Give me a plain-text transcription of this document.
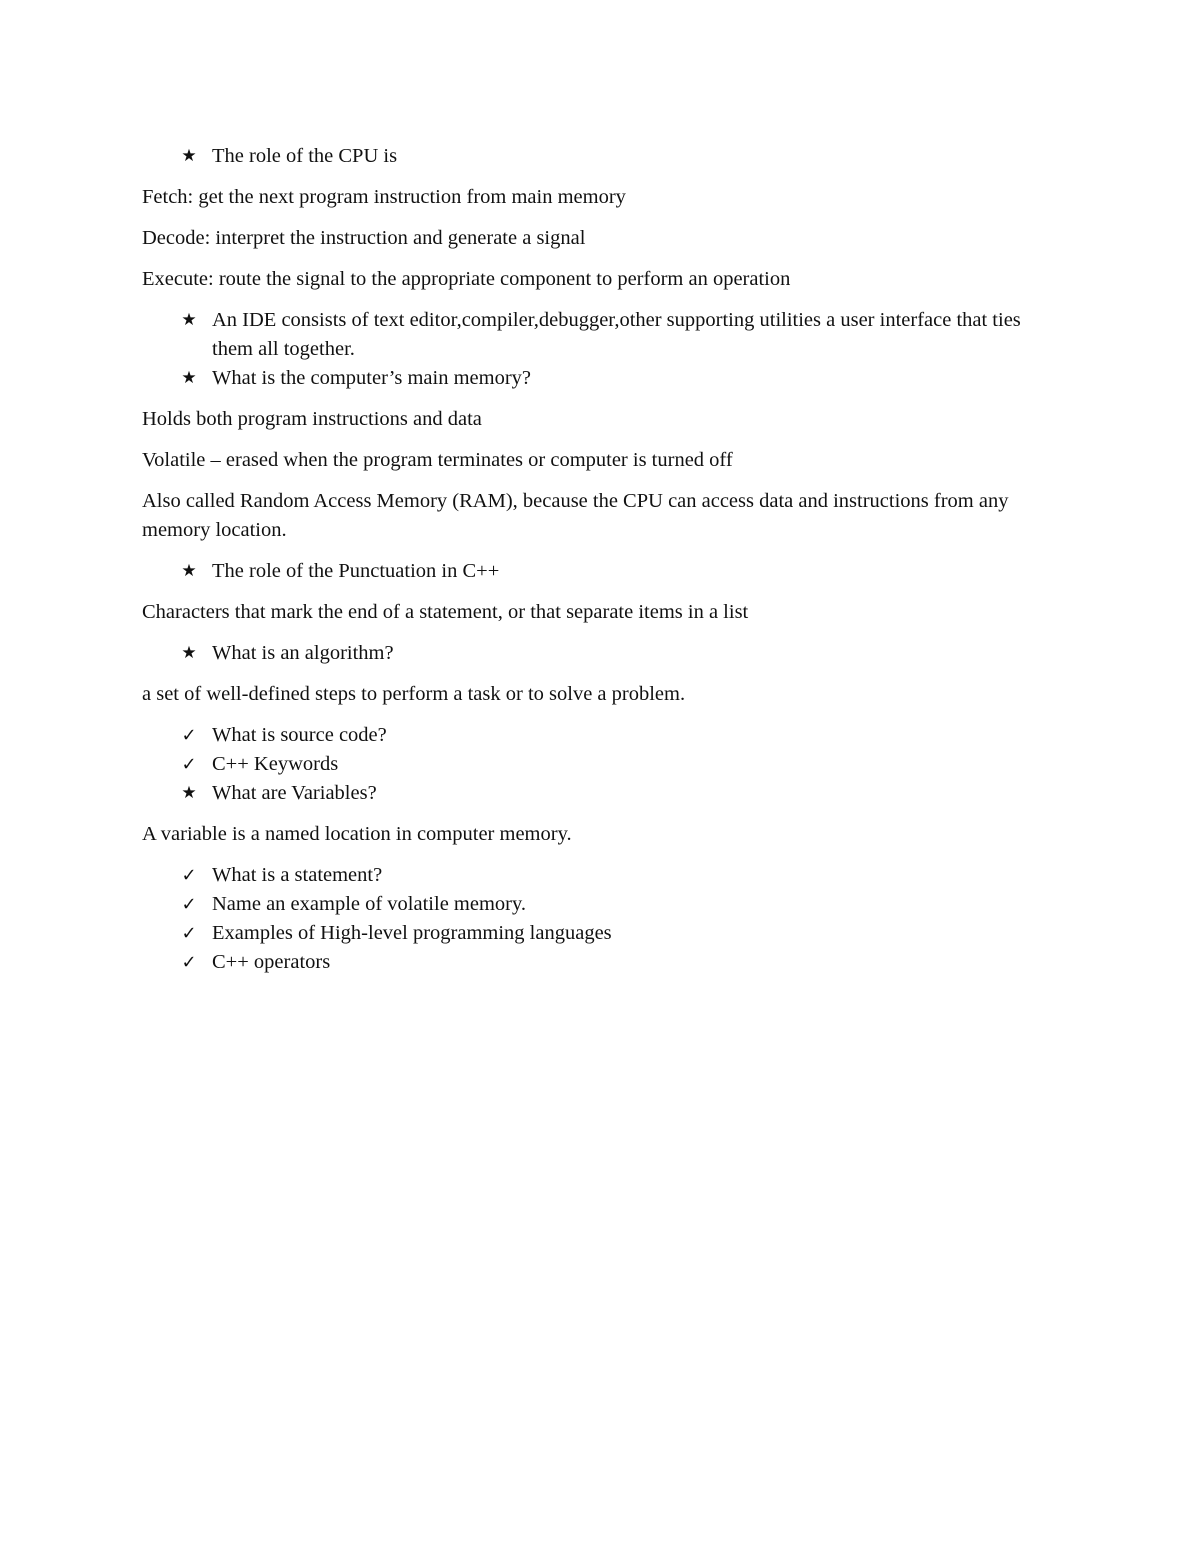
★ The role of the CPU is

Fetch: get the next program instruction from main memory

Decode: interpret the instruction and generate a signal

Execute: route the signal to the appropriate component to perform an operation

★ An IDE consists of text editor,compiler,debugger,other supporting utilities a user interface that ties them all together.
★ What is the computer’s main memory?

Holds both program instructions and data

Volatile – erased when the program terminates or computer is turned off

Also called Random Access Memory (RAM), because the CPU can access data and instructions from any memory location.

★ The role of the Punctuation in C++

Characters that mark the end of a statement, or that separate items in a list

★ What is an algorithm?

a set of well-defined steps to perform a task or to solve a problem.

✓ What is source code?
✓ C++ Keywords
★ What are Variables?

A variable is a named location in computer memory.

✓ What is a statement?
✓ Name an example of volatile memory.
✓ Examples of High-level programming languages
✓ C++ operators
